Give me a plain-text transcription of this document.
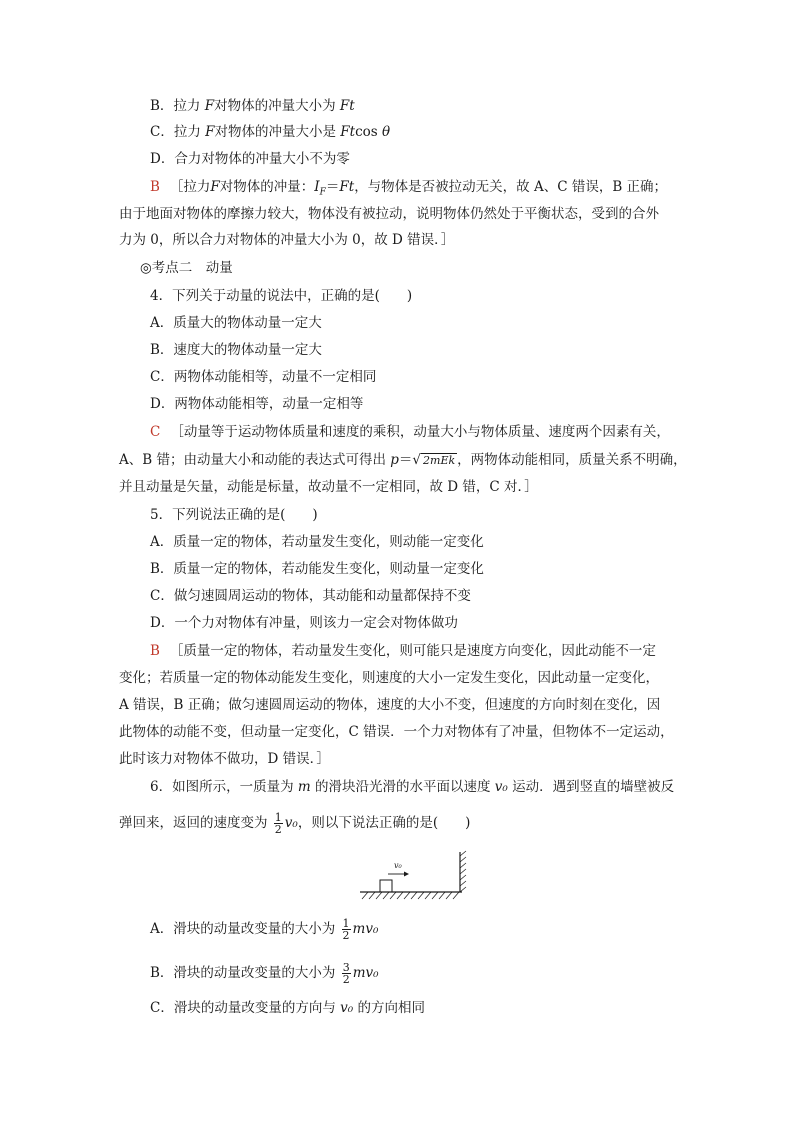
B．拉力 F对物体的冲量大小为 Ft
C．拉力 F对物体的冲量大小是 Ftcos θ
D．合力对物体的冲量大小不为零
B ［拉力F对物体的冲量：$I_F=Ft$，与物体是否被拉动无关，故 A、C 错误，B 正确；
由于地面对物体的摩擦力较大，物体没有被拉动，说明物体仍然处于平衡状态，受到的合外
力为 0，所以合力对物体的冲量大小为 0，故 D 错误．］
◎考点二　动量
4．下列关于动量的说法中，正确的是(　　)
A．质量大的物体动量一定大
B．速度大的物体动量一定大
C．两物体动能相等，动量不一定相同
D．两物体动能相等，动量一定相等
C ［动量等于运动物体质量和速度的乘积，动量大小与物体质量、速度两个因素有关，
A、B 错；由动量大小和动能的表达式可得出 p＝√ 2mEk ，两物体动能相同，质量关系不明确，
并且动量是矢量，动能是标量，故动量不一定相同，故 D 错，C 对．］
5．下列说法正确的是(　　)
A．质量一定的物体，若动量发生变化，则动能一定变化
B．质量一定的物体，若动能发生变化，则动量一定变化
C．做匀速圆周运动的物体，其动能和动量都保持不变
D．一个力对物体有冲量，则该力一定会对物体做功
B ［质量一定的物体，若动量发生变化，则可能只是速度方向变化，因此动能不一定
变化；若质量一定的物体动能发生变化，则速度的大小一定发生变化，因此动量一定变化，
A 错误，B 正确；做匀速圆周运动的物体，速度的大小不变，但速度的方向时刻在变化，因
此物体的动能不变，但动量一定变化，C 错误．一个力对物体有了冲量，但物体不一定运动，
此时该力对物体不做功，D 错误．］
6．如图所示，一质量为 m 的滑块沿光滑的水平面以速度 v₀ 运动．遇到竖直的墙壁被反
弹回来，返回的速度变为 $\frac{1}{2} v_0$，则以下说法正确的是(　　)
v₀
A．滑块的动量改变量的大小为 $\frac{1}{2} mv_0$
B．滑块的动量改变量的大小为 $\frac{3}{2} mv_0$
C．滑块的动量改变量的方向与 v₀ 的方向相同
